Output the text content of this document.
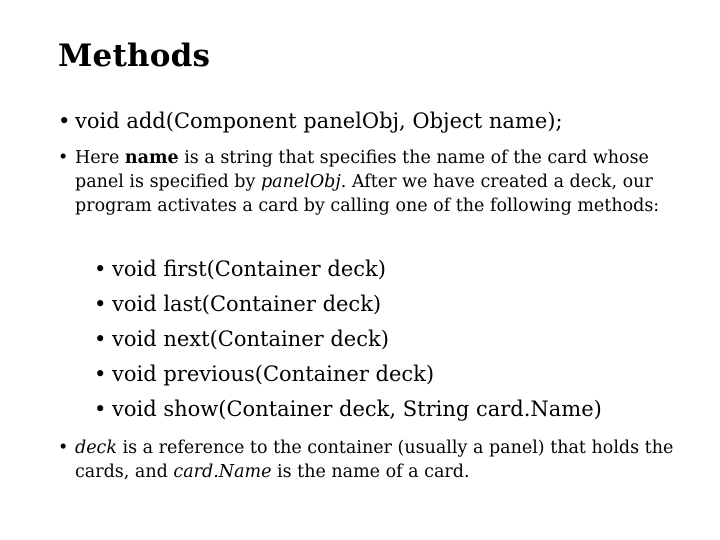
Methods
• void add(Component panelObj, Object name);
• Here name is a string that specifies the name of the card whose panel is specified by panelObj. After we have created a deck, our program activates a card by calling one of the following methods:
• void first(Container deck)
• void last(Container deck)
• void next(Container deck)
• void previous(Container deck)
• void show(Container deck, String card.Name)
• deck is a reference to the container (usually a panel) that holds the cards, and card.Name is the name of a card.
